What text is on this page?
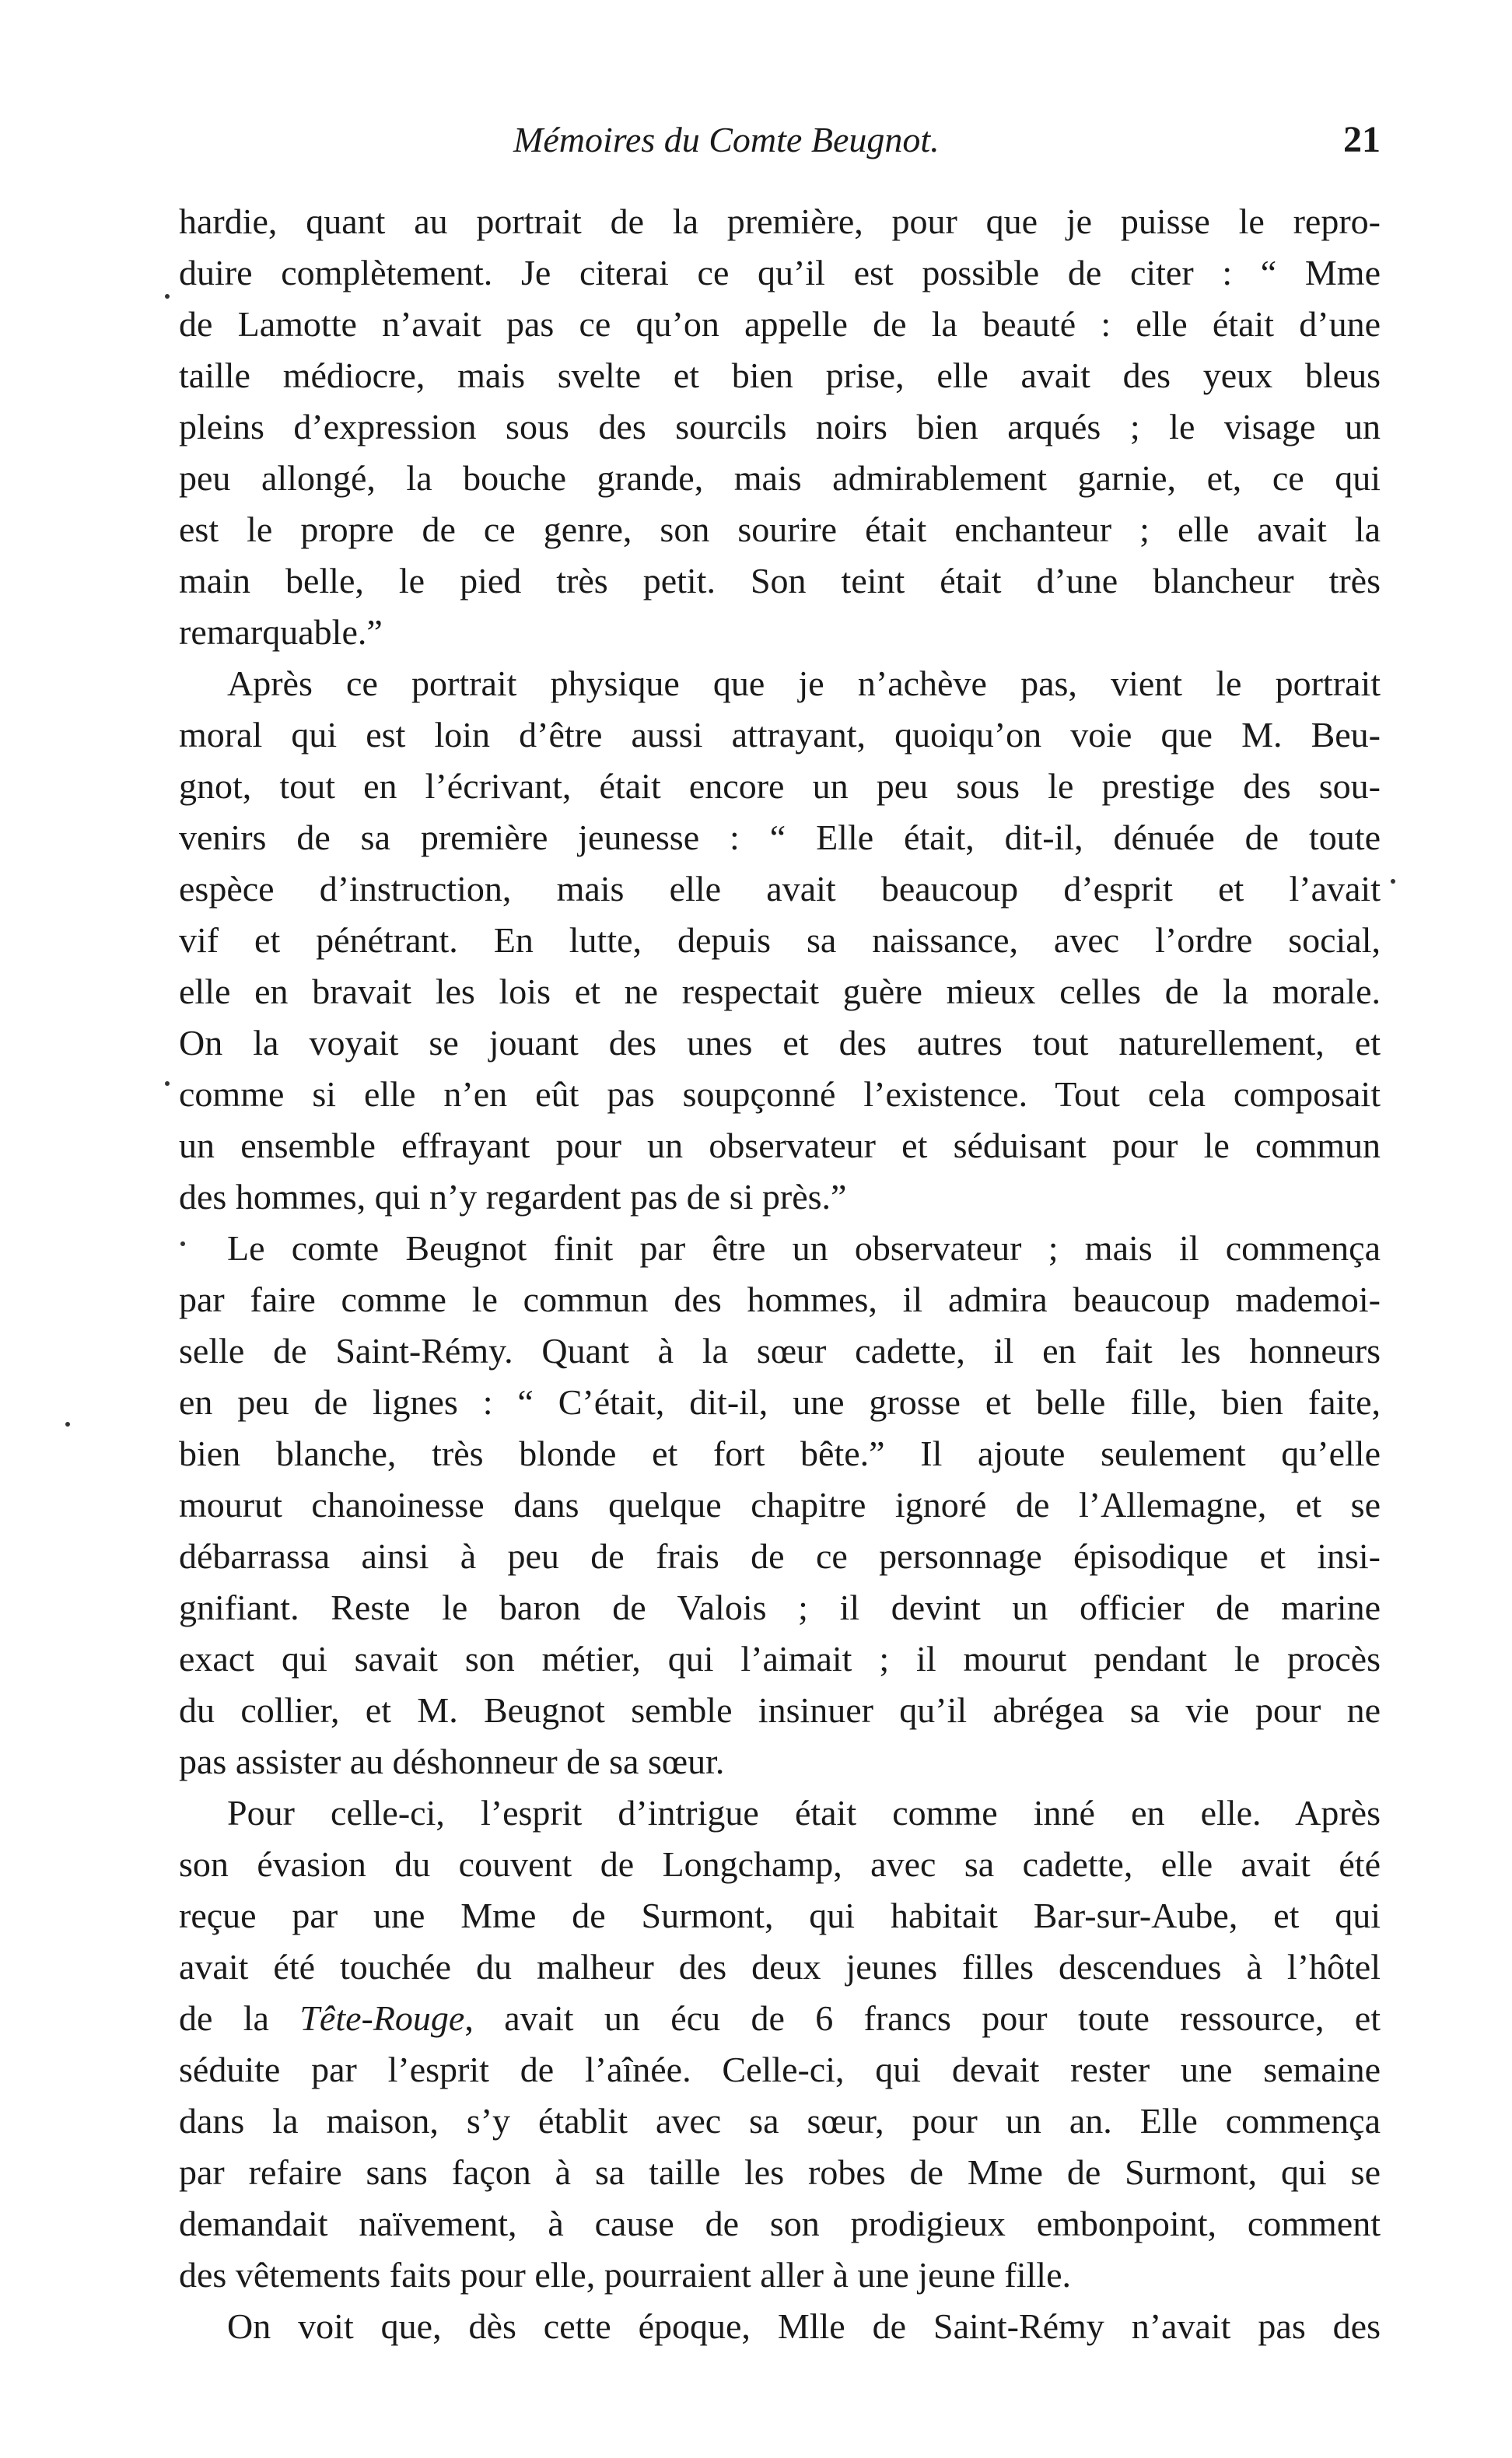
Mémoires du Comte Beugnot.	21
hardie, quant au portrait de la première, pour que je puisse le repro-
duire complètement. Je citerai ce qu’il est possible de citer : “ Mme
de Lamotte n’avait pas ce qu’on appelle de la beauté : elle était d’une
taille médiocre, mais svelte et bien prise, elle avait des yeux bleus
pleins d’expression sous des sourcils noirs bien arqués ; le visage un
peu allongé, la bouche grande, mais admirablement garnie, et, ce qui
est le propre de ce genre, son sourire était enchanteur ; elle avait la
main belle, le pied très petit. Son teint était d’une blancheur très
remarquable.”
Après ce portrait physique que je n’achève pas, vient le portrait
moral qui est loin d’être aussi attrayant, quoiqu’on voie que M. Beu-
gnot, tout en l’écrivant, était encore un peu sous le prestige des sou-
venirs de sa première jeunesse : “ Elle était, dit-il, dénuée de toute
espèce d’instruction, mais elle avait beaucoup d’esprit et l’avait
vif et pénétrant. En lutte, depuis sa naissance, avec l’ordre social,
elle en bravait les lois et ne respectait guère mieux celles de la morale.
On la voyait se jouant des unes et des autres tout naturellement, et
comme si elle n’en eût pas soupçonné l’existence. Tout cela composait
un ensemble effrayant pour un observateur et séduisant pour le commun
des hommes, qui n’y regardent pas de si près.”
Le comte Beugnot finit par être un observateur ; mais il commença
par faire comme le commun des hommes, il admira beaucoup mademoi-
selle de Saint-Rémy. Quant à la sœur cadette, il en fait les honneurs
en peu de lignes : “ C’était, dit-il, une grosse et belle fille, bien faite,
bien blanche, très blonde et fort bête.” Il ajoute seulement qu’elle
mourut chanoinesse dans quelque chapitre ignoré de l’Allemagne, et se
débarrassa ainsi à peu de frais de ce personnage épisodique et insi-
gnifiant. Reste le baron de Valois ; il devint un officier de marine
exact qui savait son métier, qui l’aimait ; il mourut pendant le procès
du collier, et M. Beugnot semble insinuer qu’il abrégea sa vie pour ne
pas assister au déshonneur de sa sœur.
Pour celle-ci, l’esprit d’intrigue était comme inné en elle. Après
son évasion du couvent de Longchamp, avec sa cadette, elle avait été
reçue par une Mme de Surmont, qui habitait Bar-sur-Aube, et qui
avait été touchée du malheur des deux jeunes filles descendues à l’hôtel
de la Tête-Rouge, avait un écu de 6 francs pour toute ressource, et
séduite par l’esprit de l’aînée. Celle-ci, qui devait rester une semaine
dans la maison, s’y établit avec sa sœur, pour un an. Elle commença
par refaire sans façon à sa taille les robes de Mme de Surmont, qui se
demandait naïvement, à cause de son prodigieux embonpoint, comment
des vêtements faits pour elle, pourraient aller à une jeune fille.
On voit que, dès cette époque, Mlle de Saint-Rémy n’avait pas des
